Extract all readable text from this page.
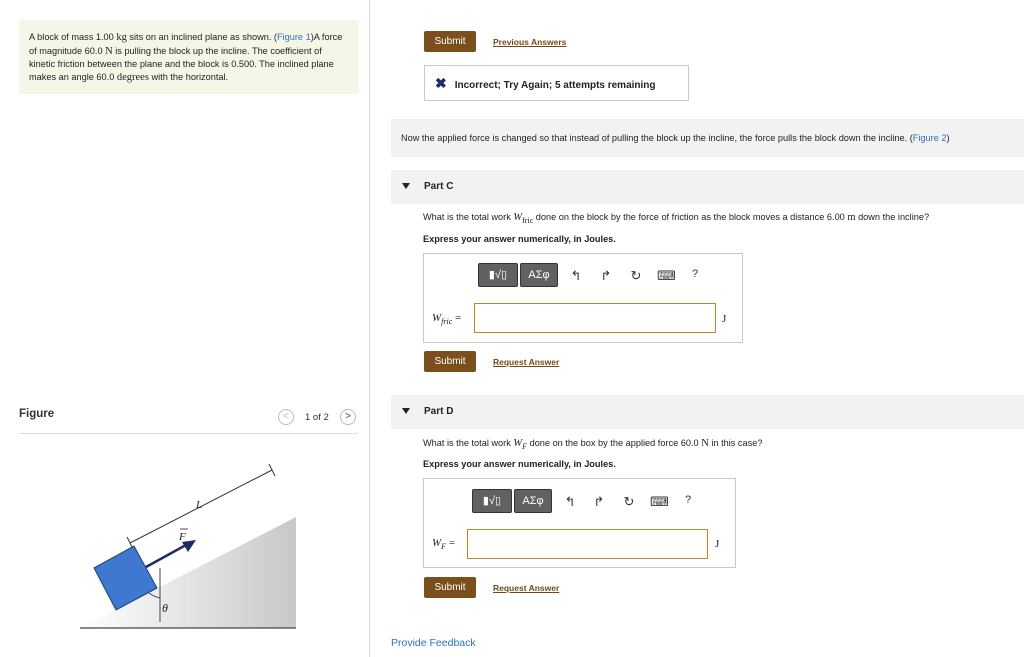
A block of mass 1.00 kg sits on an inclined plane as shown. (Figure 1)A force of magnitude 60.0 N is pulling the block up the incline. The coefficient of kinetic friction between the plane and the block is 0.500. The inclined plane makes an angle 60.0 degrees with the horizontal.
Figure	<	1 of 2	>
θ
L
F
Submit	Previous Answers
✖ Incorrect; Try Again; 5 attempts remaining
Now the applied force is changed so that instead of pulling the block up the incline, the force pulls the block down the incline. (Figure 2)
Part C
What is the total work $W_{fric}$ done on the block by the force of friction as the block moves a distance 6.00 m down the incline?
Express your answer numerically, in Joules.
▮√▯	ΑΣφ	↰ ↱ ↻ ⌨	?
$W_{fric}$ =	J
Submit	Request Answer
Part D
What is the total work $W_F$ done on the box by the applied force 60.0 N in this case?
Express your answer numerically, in Joules.
▮√▯	ΑΣφ	↰ ↱ ↻ ⌨	?
$W_F$ =	J
Submit	Request Answer
Provide Feedback
